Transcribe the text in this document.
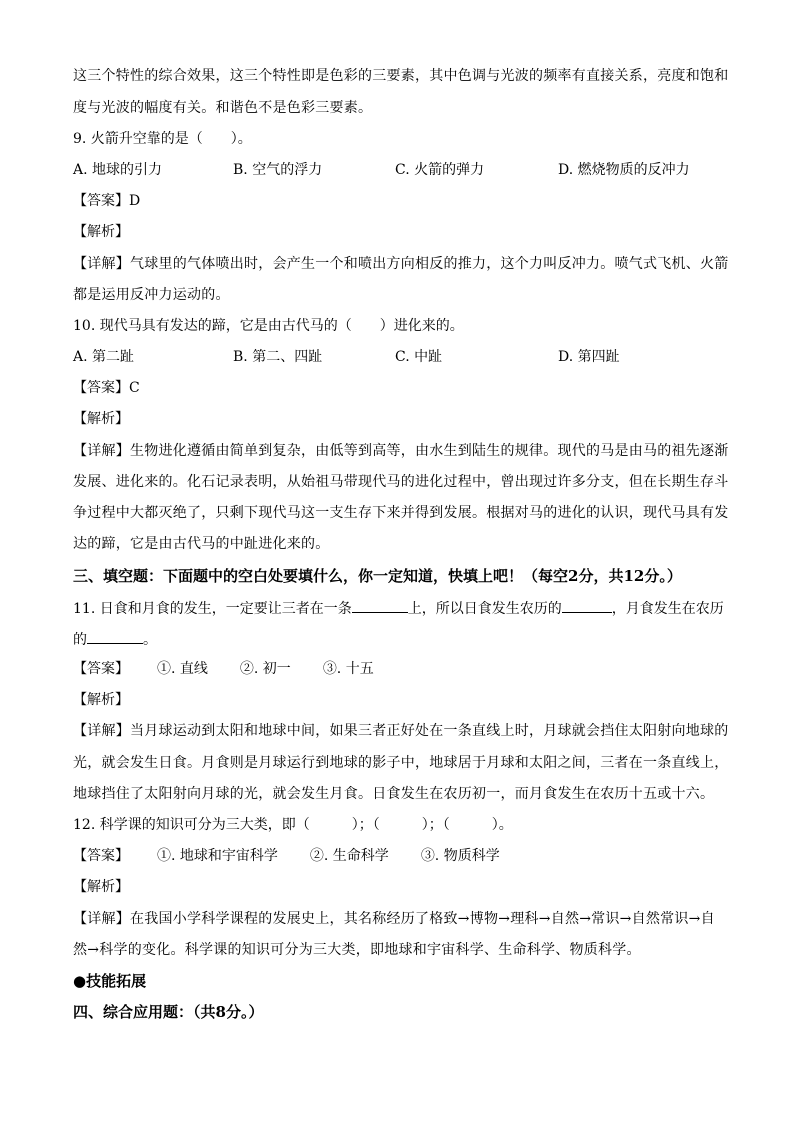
这三个特性的综合效果，这三个特性即是色彩的三要素，其中色调与光波的频率有直接关系，亮度和饱和
度与光波的幅度有关。和谐色不是色彩三要素。
9. 火箭升空靠的是（　　）。
A. 地球的引力	B. 空气的浮力	C. 火箭的弹力	D. 燃烧物质的反冲力
【答案】D
【解析】
【详解】气球里的气体喷出时，会产生一个和喷出方向相反的推力，这个力叫反冲力。喷气式飞机、火箭
都是运用反冲力运动的。
10. 现代马具有发达的蹄，它是由古代马的（　　）进化来的。
A. 第二趾	B. 第二、四趾	C. 中趾	D. 第四趾
【答案】C
【解析】
【详解】生物进化遵循由简单到复杂，由低等到高等，由水生到陆生的规律。现代的马是由马的祖先逐渐
发展、进化来的。化石记录表明，从始祖马带现代马的进化过程中，曾出现过许多分支，但在长期生存斗
争过程中大都灭绝了，只剩下现代马这一支生存下来并得到发展。根据对马的进化的认识，现代马具有发
达的蹄，它是由古代马的中趾进化来的。
三、填空题：下面题中的空白处要填什么，你一定知道，快填上吧！（每空2分，共12分。）
11. 日食和月食的发生，一定要让三者在一条	上，所以日食发生农历的	，月食发生在农历
的	。
【答案】 ①. 直线 ②. 初一 ③. 十五
【解析】
【详解】当月球运动到太阳和地球中间，如果三者正好处在一条直线上时，月球就会挡住太阳射向地球的
光，就会发生日食。月食则是月球运行到地球的影子中，地球居于月球和太阳之间，三者在一条直线上，
地球挡住了太阳射向月球的光，就会发生月食。日食发生在农历初一，而月食发生在农历十五或十六。
12. 科学课的知识可分为三大类，即（　　　）；（　　　）；（　　　）。
【答案】 ①. 地球和宇宙科学 ②. 生命科学 ③. 物质科学
【解析】
【详解】在我国小学科学课程的发展史上，其名称经历了格致→博物→理科→自然→常识→自然常识→自
然→科学的变化。科学课的知识可分为三大类，即地球和宇宙科学、生命科学、物质科学。
●技能拓展
四、综合应用题：（共8分。）
